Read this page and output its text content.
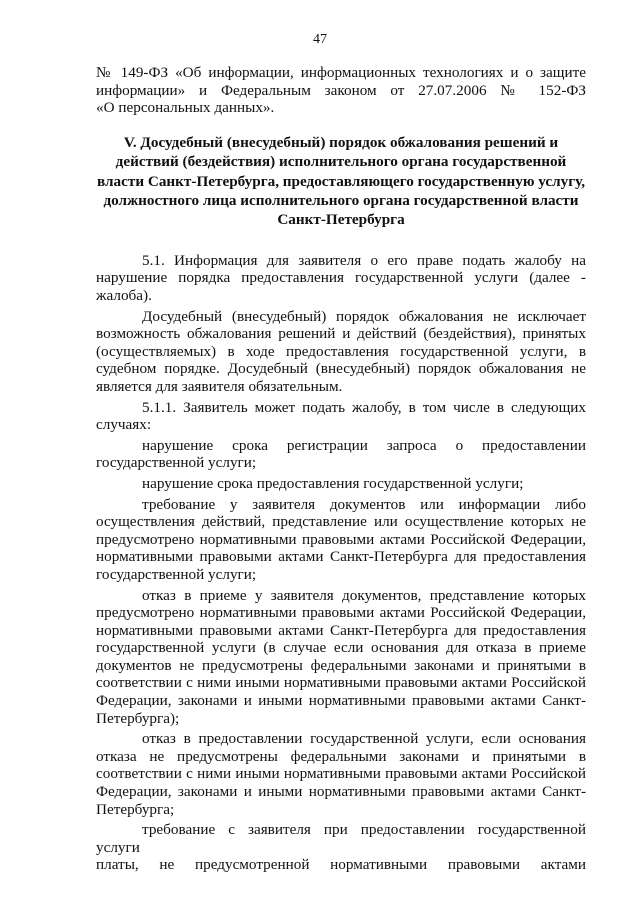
47

№ 149-ФЗ «Об информации, информационных технологиях и о защите

информации» и Федеральным законом от 27.07.2006 № 152-ФЗ

«О персональных данных».

V. Досудебный (внесудебный) порядок обжалования решений и действий (бездействия) исполнительного органа государственной власти Санкт-Петербурга, предоставляющего государственную услугу, должностного лица исполнительного органа государственной власти Санкт-Петербурга

5.1. Информация для заявителя о его праве подать жалобу на нарушение порядка предоставления государственной услуги (далее - жалоба).

Досудебный (внесудебный) порядок обжалования не исключает возможность обжалования решений и действий (бездействия), принятых (осуществляемых) в ходе предоставления государственной услуги, в судебном порядке. Досудебный (внесудебный) порядок обжалования не является для заявителя обязательным.

5.1.1. Заявитель может подать жалобу, в том числе в следующих случаях:

нарушение срока регистрации запроса о предоставлении государственной услуги;

нарушение срока предоставления государственной услуги;

требование у заявителя документов или информации либо осуществления действий, представление или осуществление которых не предусмотрено нормативными правовыми актами Российской Федерации, нормативными правовыми актами Санкт-Петербурга для предоставления государственной услуги;

отказ в приеме у заявителя документов, представление которых предусмотрено нормативными правовыми актами Российской Федерации, нормативными правовыми актами Санкт-Петербурга для предоставления государственной услуги (в случае если основания для отказа в приеме документов не предусмотрены федеральными законами и принятыми в соответствии с ними иными нормативными правовыми актами Российской Федерации, законами и иными нормативными правовыми актами Санкт-Петербурга);

отказ в предоставлении государственной услуги, если основания отказа не предусмотрены федеральными законами и принятыми в соответствии с ними иными нормативными правовыми актами Российской Федерации, законами и иными нормативными правовыми актами Санкт-Петербурга;

требование с заявителя при предоставлении государственной услуги

платы, не предусмотренной нормативными правовыми актами
